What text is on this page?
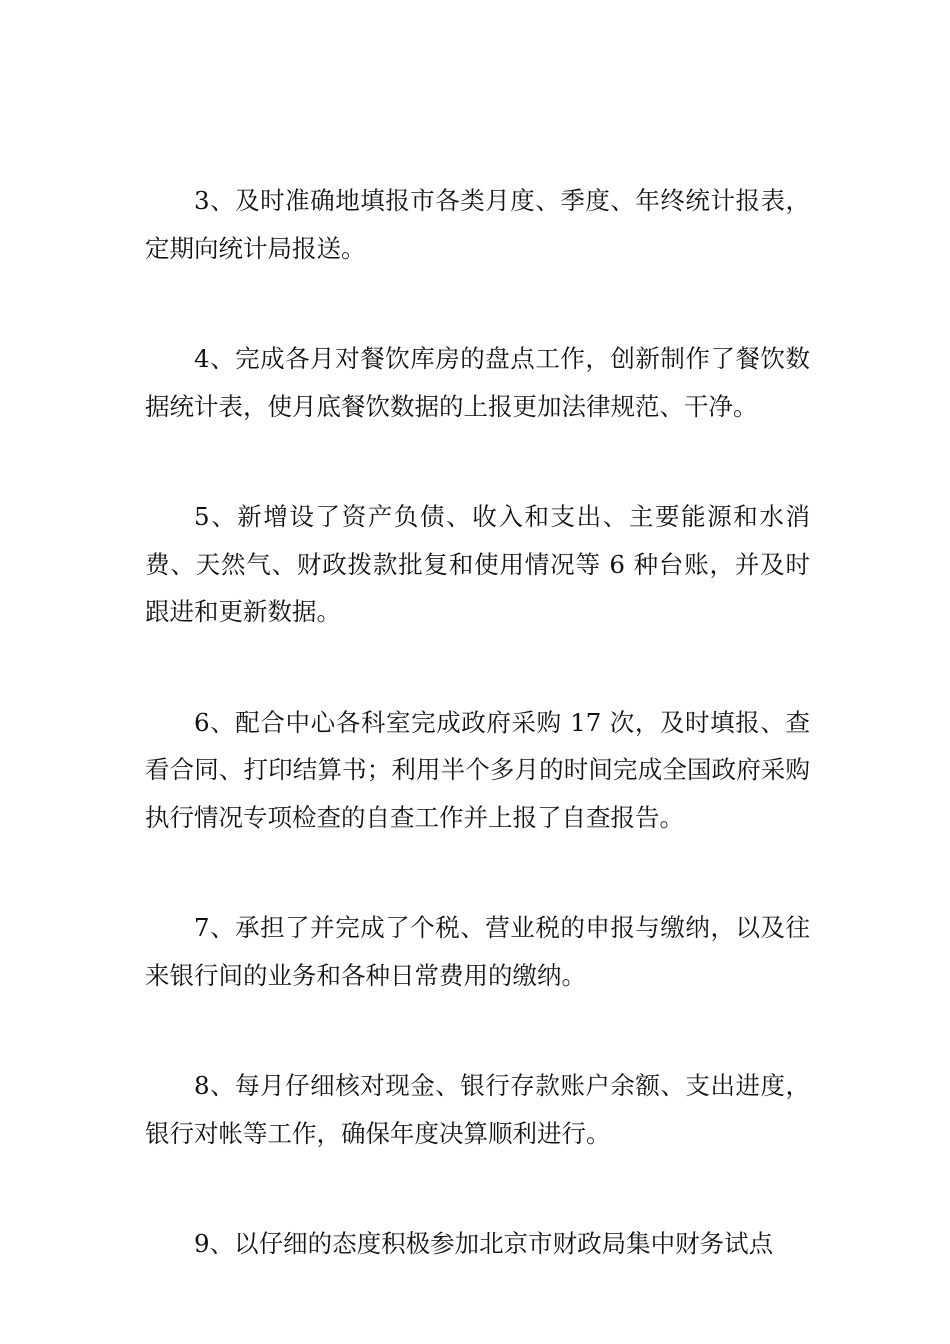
3、及时准确地填报市各类月度、季度、年终统计报表，定期向统计局报送。

4、完成各月对餐饮库房的盘点工作，创新制作了餐饮数据统计表，使月底餐饮数据的上报更加法律规范、干净。

5、新增设了资产负债、收入和支出、主要能源和水消费、天然气、财政拨款批复和使用情况等 6 种台账，并及时跟进和更新数据。

6、配合中心各科室完成政府采购 17 次，及时填报、查看合同、打印结算书；利用半个多月的时间完成全国政府采购执行情况专项检查的自查工作并上报了自查报告。

7、承担了并完成了个税、营业税的申报与缴纳，以及往来银行间的业务和各种日常费用的缴纳。

8、每月仔细核对现金、银行存款账户余额、支出进度，银行对帐等工作，确保年度决算顺利进行。

9、以仔细的态度积极参加北京市财政局集中财务试点
